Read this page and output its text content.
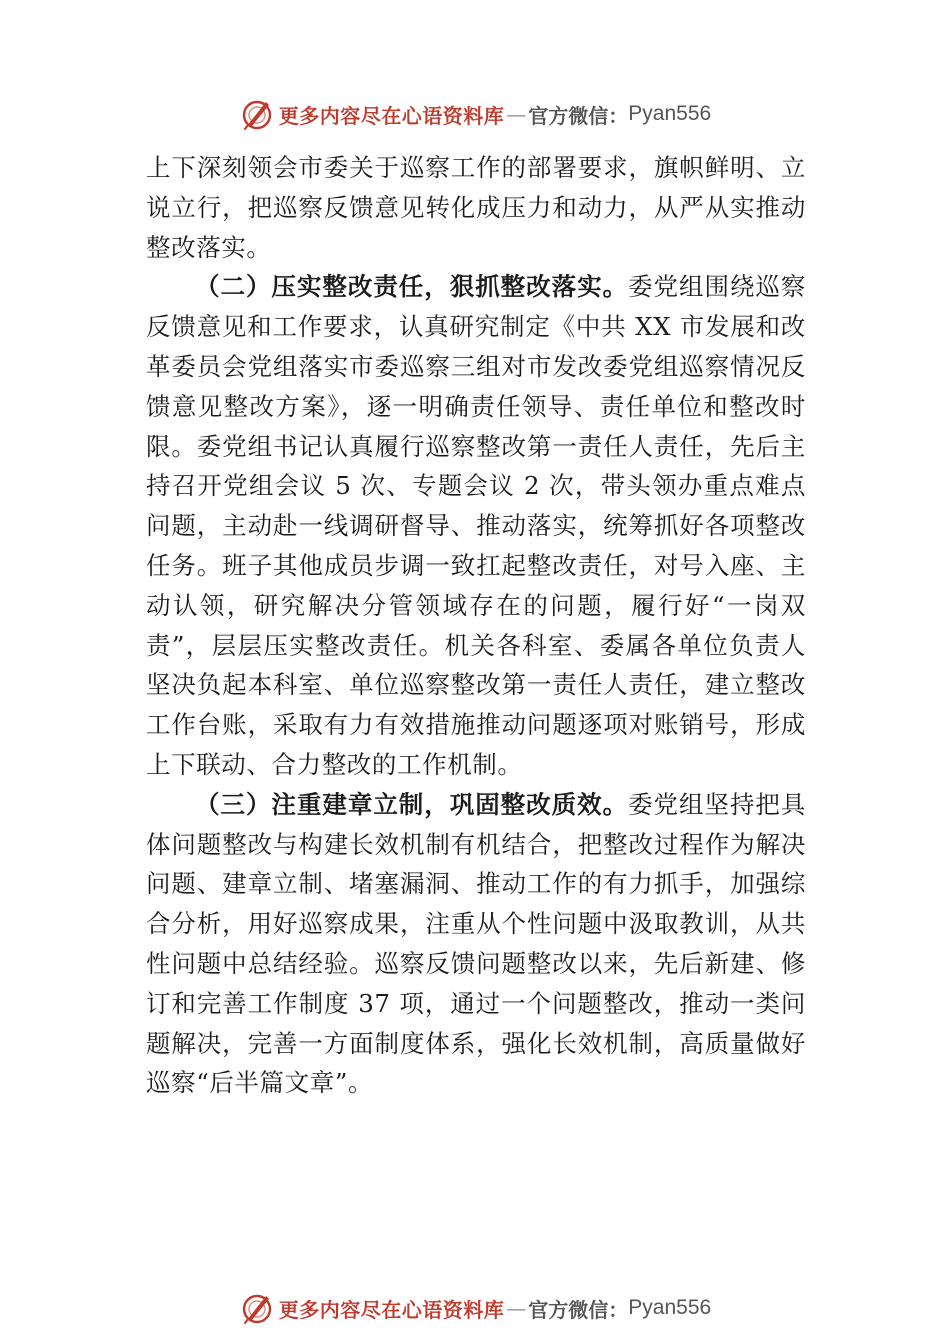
更多内容尽在心语资料库 — 官方微信： Pyan556

上下深刻领会市委关于巡察工作的部署要求，旗帜鲜明、立说立行，把巡察反馈意见转化成压力和动力，从严从实推动整改落实。

（二）压实整改责任，狠抓整改落实。委党组围绕巡察反馈意见和工作要求，认真研究制定《中共 XX 市发展和改革委员会党组落实市委巡察三组对市发改委党组巡察情况反馈意见整改方案》，逐一明确责任领导、责任单位和整改时限。委党组书记认真履行巡察整改第一责任人责任，先后主持召开党组会议 5 次、专题会议 2 次，带头领办重点难点问题，主动赴一线调研督导、推动落实，统筹抓好各项整改任务。班子其他成员步调一致扛起整改责任，对号入座、主动认领，研究解决分管领域存在的问题，履行好“一岗双责”，层层压实整改责任。机关各科室、委属各单位负责人坚决负起本科室、单位巡察整改第一责任人责任，建立整改工作台账，采取有力有效措施推动问题逐项对账销号，形成上下联动、合力整改的工作机制。

（三）注重建章立制，巩固整改质效。委党组坚持把具体问题整改与构建长效机制有机结合，把整改过程作为解决问题、建章立制、堵塞漏洞、推动工作的有力抓手，加强综合分析，用好巡察成果，注重从个性问题中汲取教训，从共性问题中总结经验。巡察反馈问题整改以来，先后新建、修订和完善工作制度 37 项，通过一个问题整改，推动一类问题解决，完善一方面制度体系，强化长效机制，高质量做好巡察“后半篇文章”。

更多内容尽在心语资料库 — 官方微信： Pyan556
